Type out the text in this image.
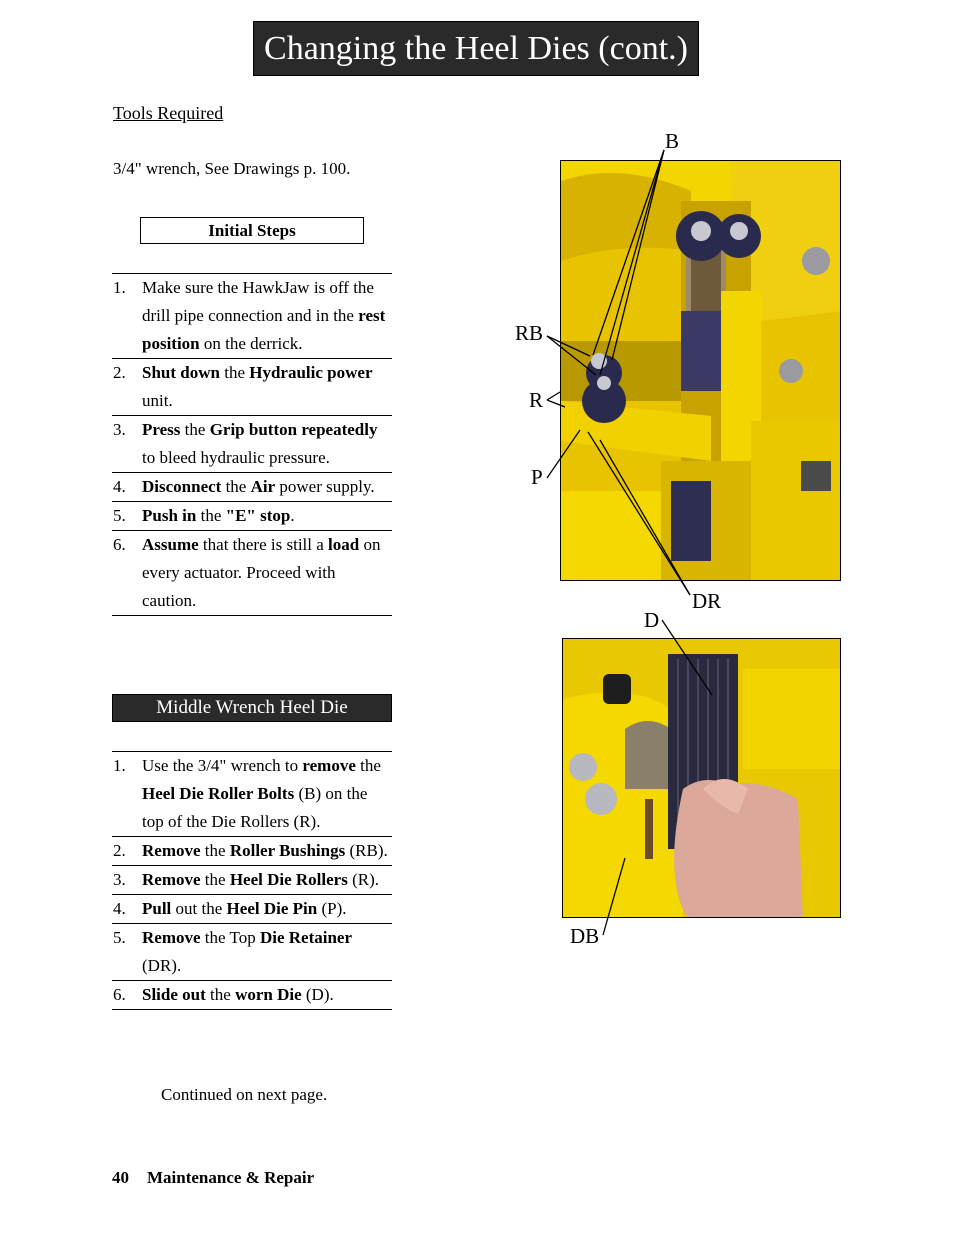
Changing the Heel Dies (cont.)
Tools Required
3/4" wrench, See Drawings p. 100.
Initial Steps
1. Make sure the HawkJaw is off the drill pipe connection and in the rest position on the derrick.
2. Shut down the Hydraulic power unit.
3. Press the Grip button repeatedly to bleed hydraulic pressure.
4. Disconnect the Air power supply.
5. Push in the "E" stop.
6. Assume that there is still a load on every actuator. Proceed with caution.
Middle Wrench Heel Die
1. Use the 3/4" wrench to remove the Heel Die Roller Bolts (B) on the top of the Die Rollers (R).
2. Remove the Roller Bushings (RB).
3. Remove the Heel Die Rollers (R).
4. Pull out the Heel Die Pin (P).
5. Remove the Top Die Retainer (DR).
6. Slide out the worn Die (D).
Continued on next page.
40 Maintenance & Repair
B
RB
R
P
DR
D
DB
